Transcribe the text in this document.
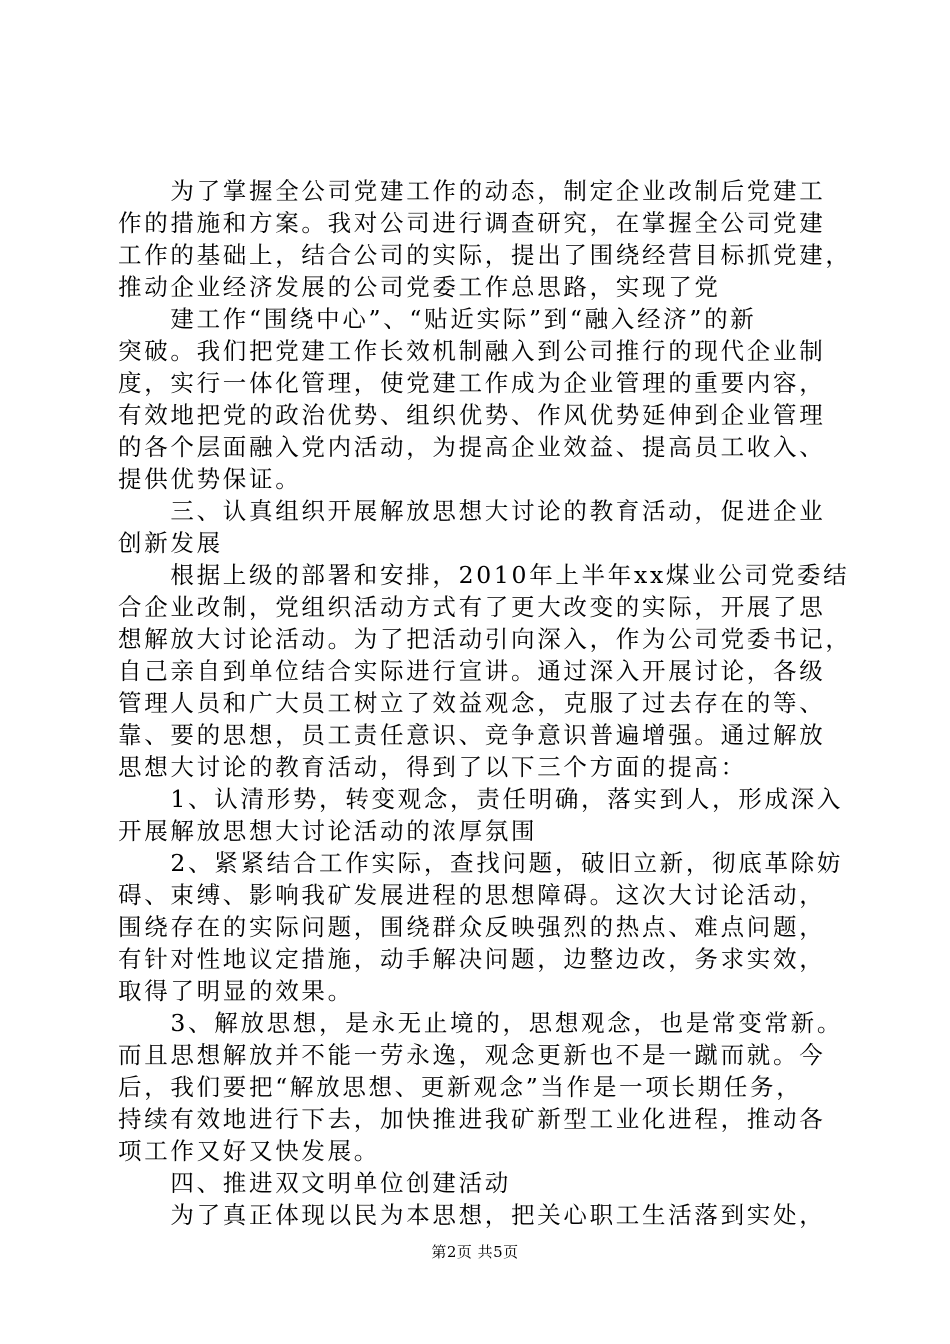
　　为了掌握全公司党建工作的动态，制定企业改制后党建工
作的措施和方案。我对公司进行调查研究，在掌握全公司党建
工作的基础上，结合公司的实际，提出了围绕经营目标抓党建，
推动企业经济发展的公司党委工作总思路，实现了党
　　建工作“围绕中心”、“贴近实际”到“融入经济”的新
突破。我们把党建工作长效机制融入到公司推行的现代企业制
度，实行一体化管理，使党建工作成为企业管理的重要内容，
有效地把党的政治优势、组织优势、作风优势延伸到企业管理
的各个层面融入党内活动，为提高企业效益、提高员工收入、
提供优势保证。
　　三、认真组织开展解放思想大讨论的教育活动，促进企业
创新发展
　　根据上级的部署和安排，2010年上半年xx煤业公司党委结
合企业改制，党组织活动方式有了更大改变的实际，开展了思
想解放大讨论活动。为了把活动引向深入，作为公司党委书记，
自己亲自到单位结合实际进行宣讲。通过深入开展讨论，各级
管理人员和广大员工树立了效益观念，克服了过去存在的等、
靠、要的思想，员工责任意识、竞争意识普遍增强。通过解放
思想大讨论的教育活动，得到了以下三个方面的提高：
　　1、认清形势，转变观念，责任明确，落实到人，形成深入
开展解放思想大讨论活动的浓厚氛围
　　2、紧紧结合工作实际，查找问题，破旧立新，彻底革除妨
碍、束缚、影响我矿发展进程的思想障碍。这次大讨论活动，
围绕存在的实际问题，围绕群众反映强烈的热点、难点问题，
有针对性地议定措施，动手解决问题，边整边改，务求实效，
取得了明显的效果。
　　3、解放思想，是永无止境的，思想观念，也是常变常新。
而且思想解放并不能一劳永逸，观念更新也不是一蹴而就。今
后，我们要把“解放思想、更新观念”当作是一项长期任务，
持续有效地进行下去，加快推进我矿新型工业化进程，推动各
项工作又好又快发展。
　　四、推进双文明单位创建活动
　　为了真正体现以民为本思想，把关心职工生活落到实处，
第2页 共5页
